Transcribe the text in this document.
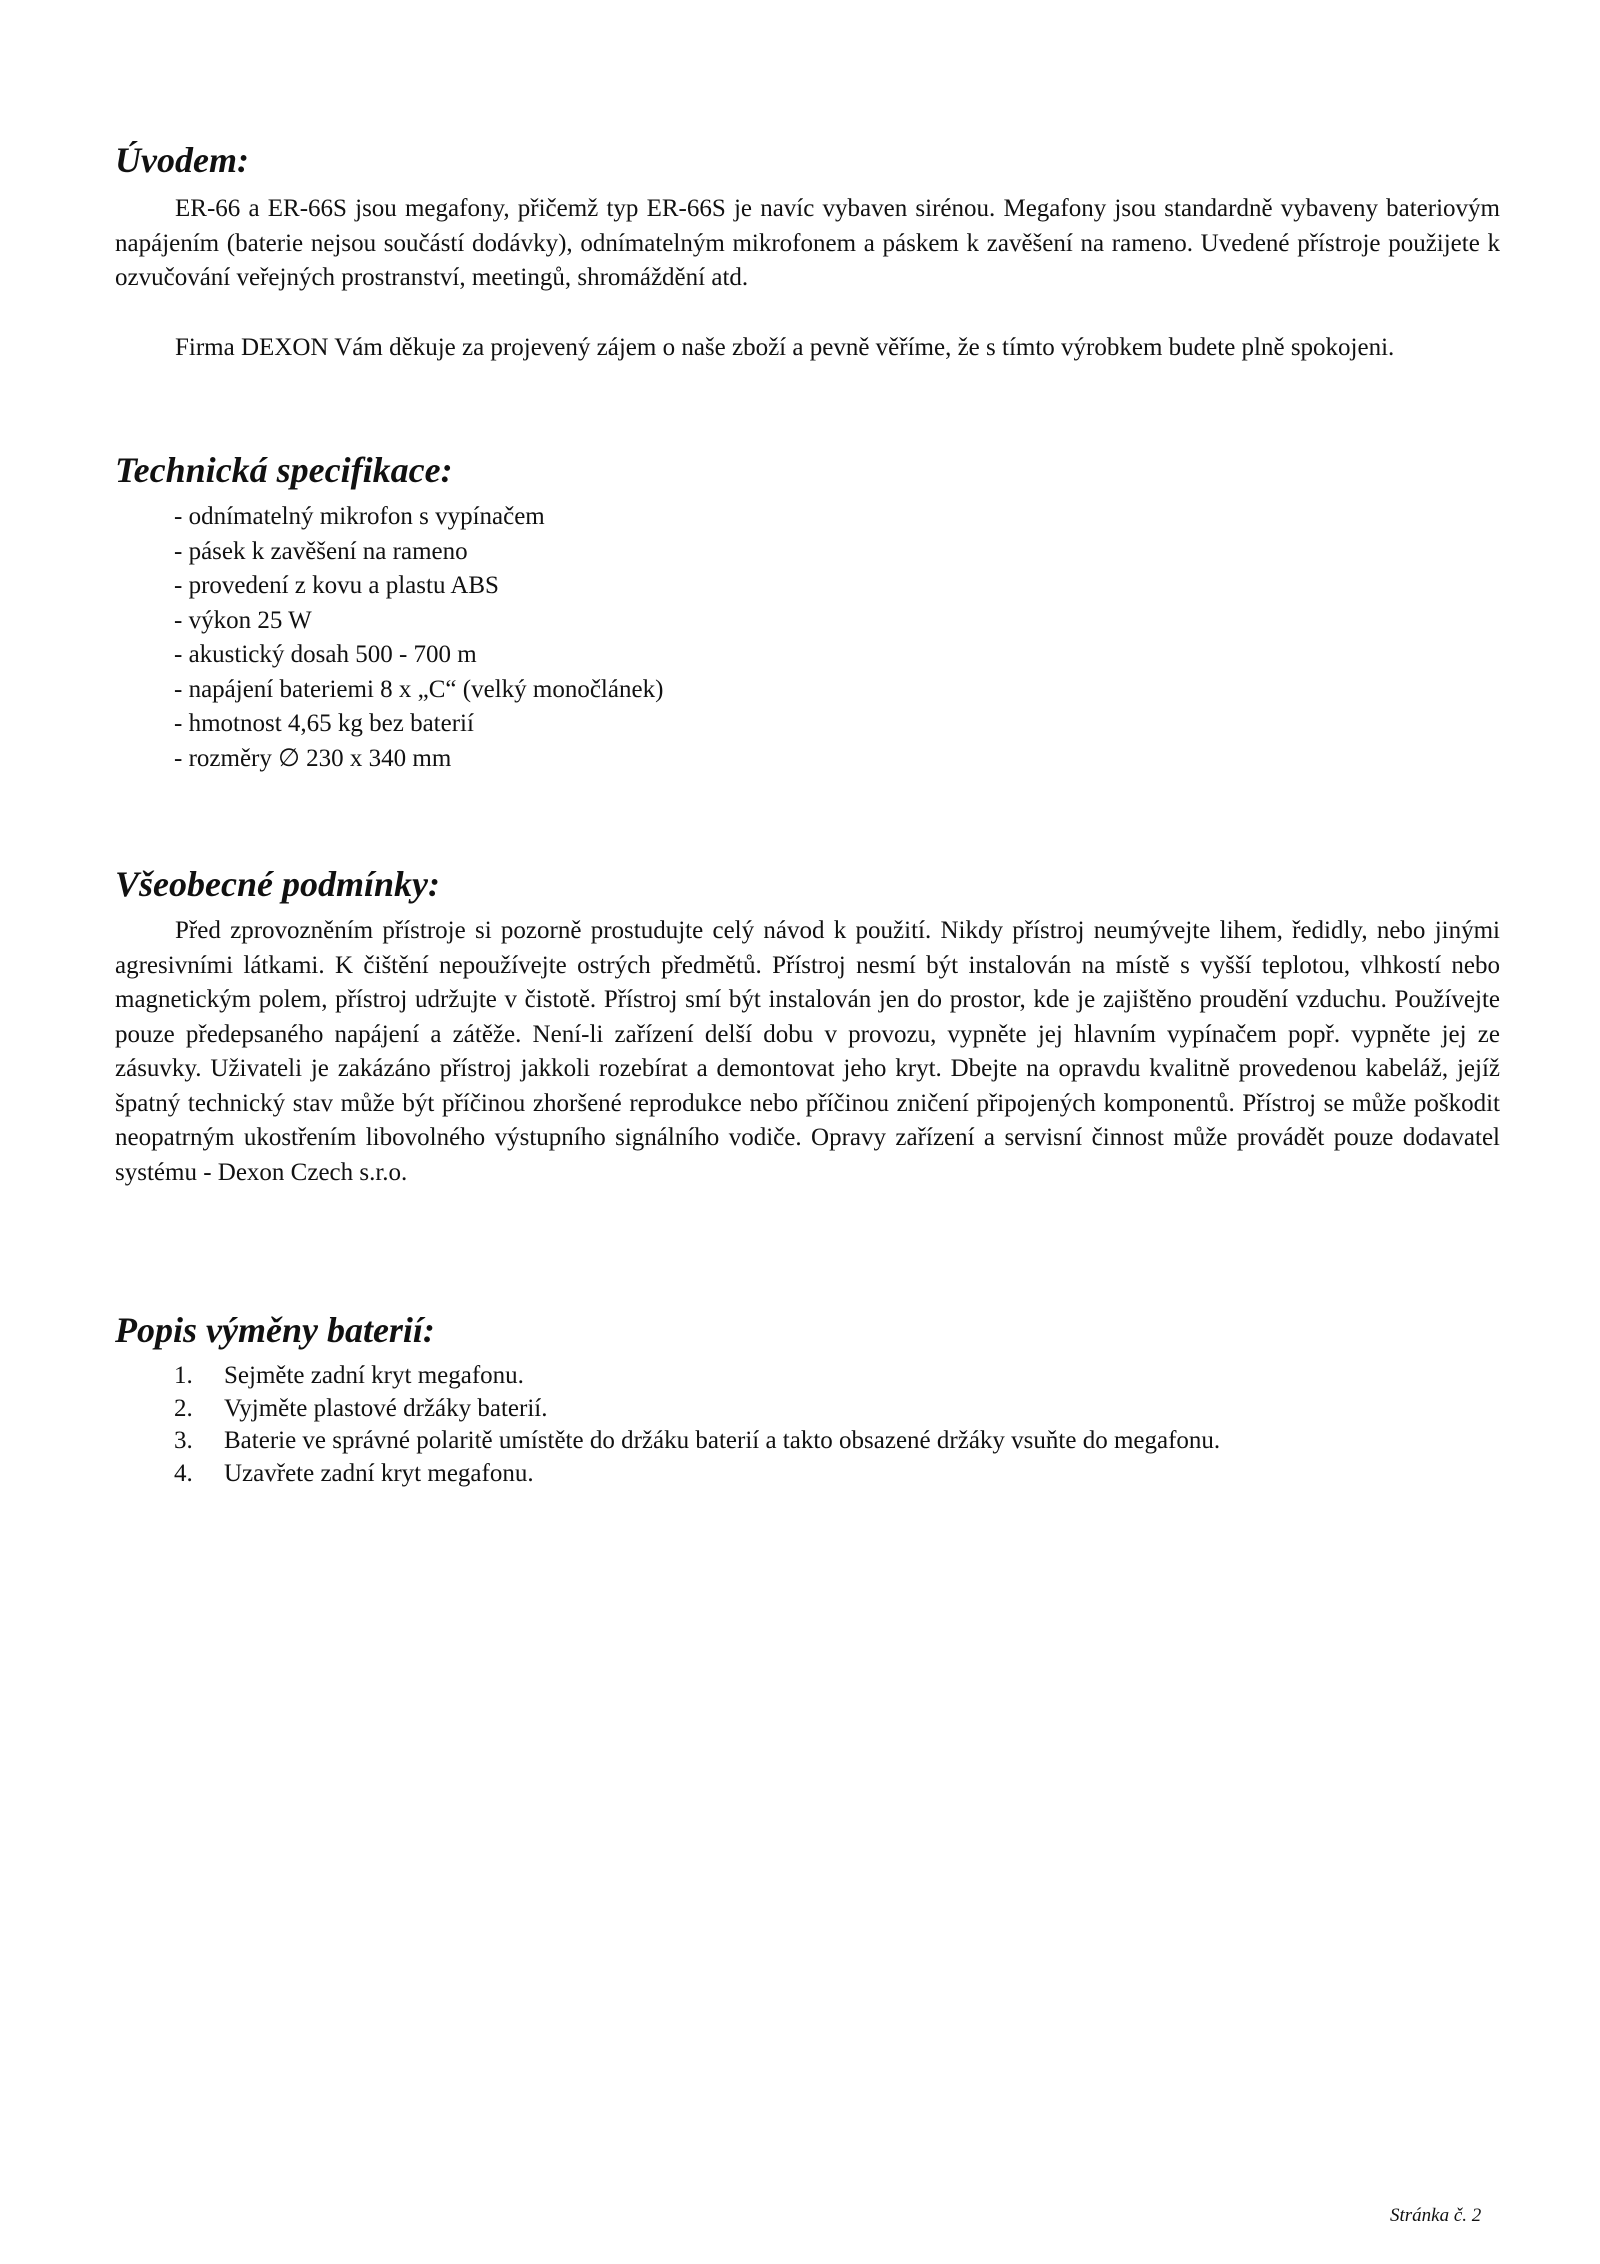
Úvodem:

ER-66 a ER-66S jsou megafony, přičemž typ ER-66S je navíc vybaven sirénou. Megafony jsou standardně vybaveny bateriovým napájením (baterie nejsou součástí dodávky), odnímatelným mikrofonem a páskem k zavěšení na rameno. Uvedené přístroje použijete k ozvučování veřejných prostranství, meetingů, shromáždění atd.

Firma DEXON Vám děkuje za projevený zájem o naše zboží a pevně věříme, že s tímto výrobkem budete plně spokojeni.

Technická specifikace:
- odnímatelný mikrofon s vypínačem
- pásek k zavěšení na rameno
- provedení z kovu a plastu ABS
- výkon 25 W
- akustický dosah 500 - 700 m
- napájení bateriemi 8 x „C“ (velký monočlánek)
- hmotnost 4,65 kg bez baterií
- rozměry ∅ 230 x 340 mm
Všeobecné podmínky:

Před zprovozněním přístroje si pozorně prostudujte celý návod k použití. Nikdy přístroj neumývejte lihem, ředidly, nebo jinými agresivními látkami. K čištění nepoužívejte ostrých předmětů. Přístroj nesmí být instalován na místě s vyšší teplotou, vlhkostí nebo magnetickým polem, přístroj udržujte v čistotě. Přístroj smí být instalován jen do prostor, kde je zajištěno proudění vzduchu. Používejte pouze předepsaného napájení a zátěže. Není-li zařízení delší dobu v provozu, vypněte jej hlavním vypínačem popř. vypněte jej ze zásuvky. Uživateli je zakázáno přístroj jakkoli rozebírat a demontovat jeho kryt. Dbejte na opravdu kvalitně provedenou kabeláž, jejíž špatný technický stav může být příčinou zhoršené reprodukce nebo příčinou zničení připojených komponentů. Přístroj se může poškodit neopatrným ukostřením libovolného výstupního signálního vodiče. Opravy zařízení a servisní činnost může provádět pouze dodavatel systému - Dexon Czech s.r.o.

Popis výměny baterií:
1. Sejměte zadní kryt megafonu.
2. Vyjměte plastové držáky baterií.
3. Baterie ve správné polaritě umístěte do držáku baterií a takto obsazené držáky vsuňte do megafonu.
4. Uzavřete zadní kryt megafonu.
Stránka č. 2
